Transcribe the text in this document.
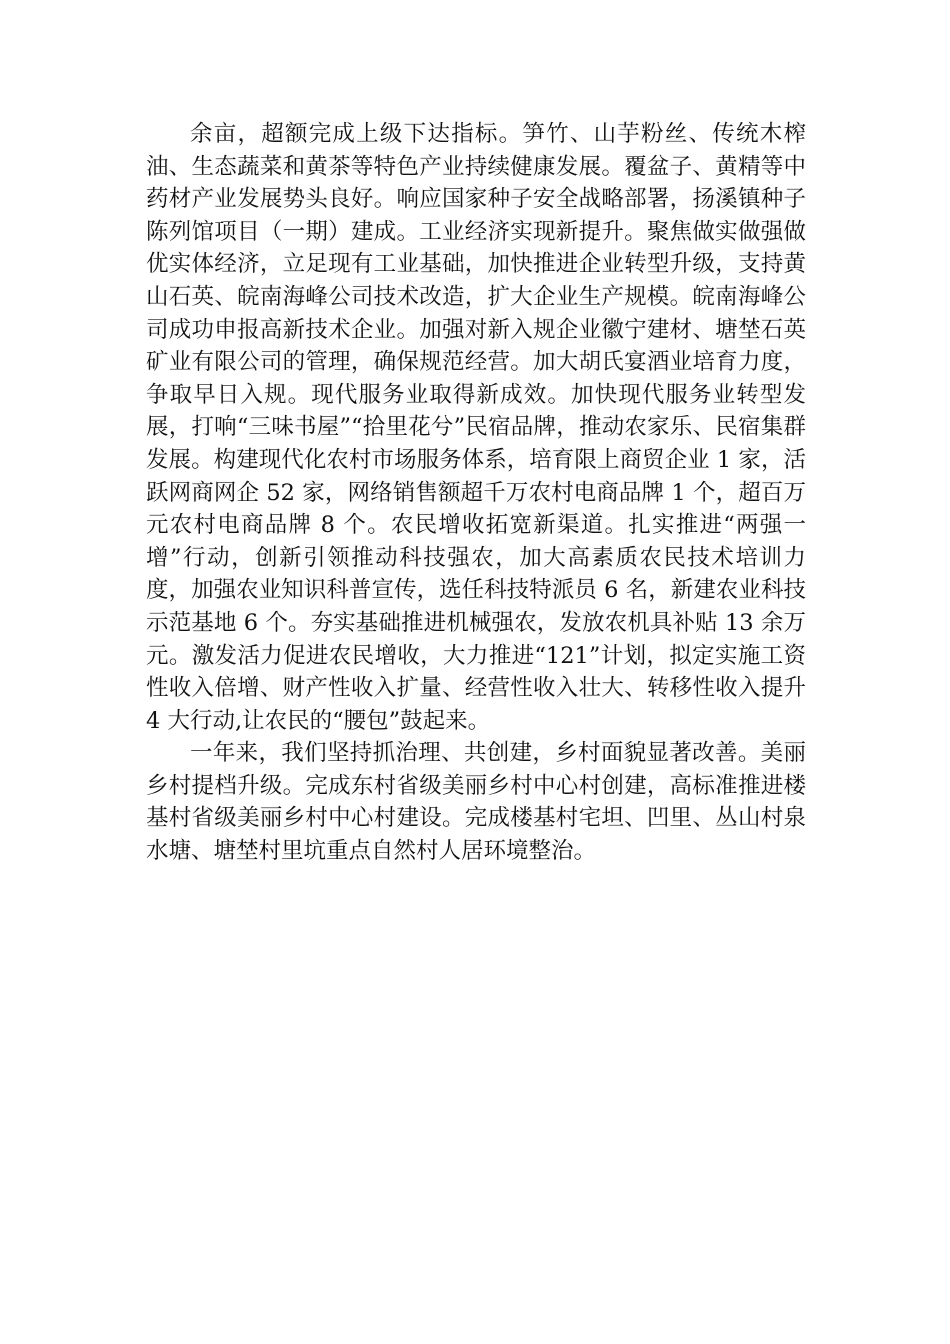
余亩，超额完成上级下达指标。笋竹、山芋粉丝、传统木榨油、生态蔬菜和黄茶等特色产业持续健康发展。覆盆子、黄精等中药材产业发展势头良好。响应国家种子安全战略部署，扬溪镇种子陈列馆项目（一期）建成。工业经济实现新提升。聚焦做实做强做优实体经济，立足现有工业基础，加快推进企业转型升级，支持黄山石英、皖南海峰公司技术改造，扩大企业生产规模。皖南海峰公司成功申报高新技术企业。加强对新入规企业徽宁建材、塘埜石英矿业有限公司的管理，确保规范经营。加大胡氏宴酒业培育力度，争取早日入规。现代服务业取得新成效。加快现代服务业转型发展，打响“三味书屋”“拾里花兮”民宿品牌，推动农家乐、民宿集群发展。构建现代化农村市场服务体系，培育限上商贸企业 1 家，活跃网商网企 52 家，网络销售额超千万农村电商品牌 1 个，超百万元农村电商品牌 8 个。农民增收拓宽新渠道。扎实推进“两强一增”行动，创新引领推动科技强农，加大高素质农民技术培训力度，加强农业知识科普宣传，选任科技特派员 6 名，新建农业科技示范基地 6 个。夯实基础推进机械强农，发放农机具补贴 13 余万元。激发活力促进农民增收，大力推进“121”计划，拟定实施工资性收入倍增、财产性收入扩量、经营性收入壮大、转移性收入提升 4 大行动,让农民的“腰包”鼓起来。

一年来，我们坚持抓治理、共创建，乡村面貌显著改善。美丽乡村提档升级。完成东村省级美丽乡村中心村创建，高标准推进楼基村省级美丽乡村中心村建设。完成楼基村宅坦、凹里、丛山村泉水塘、塘埜村里坑重点自然村人居环境整治。
